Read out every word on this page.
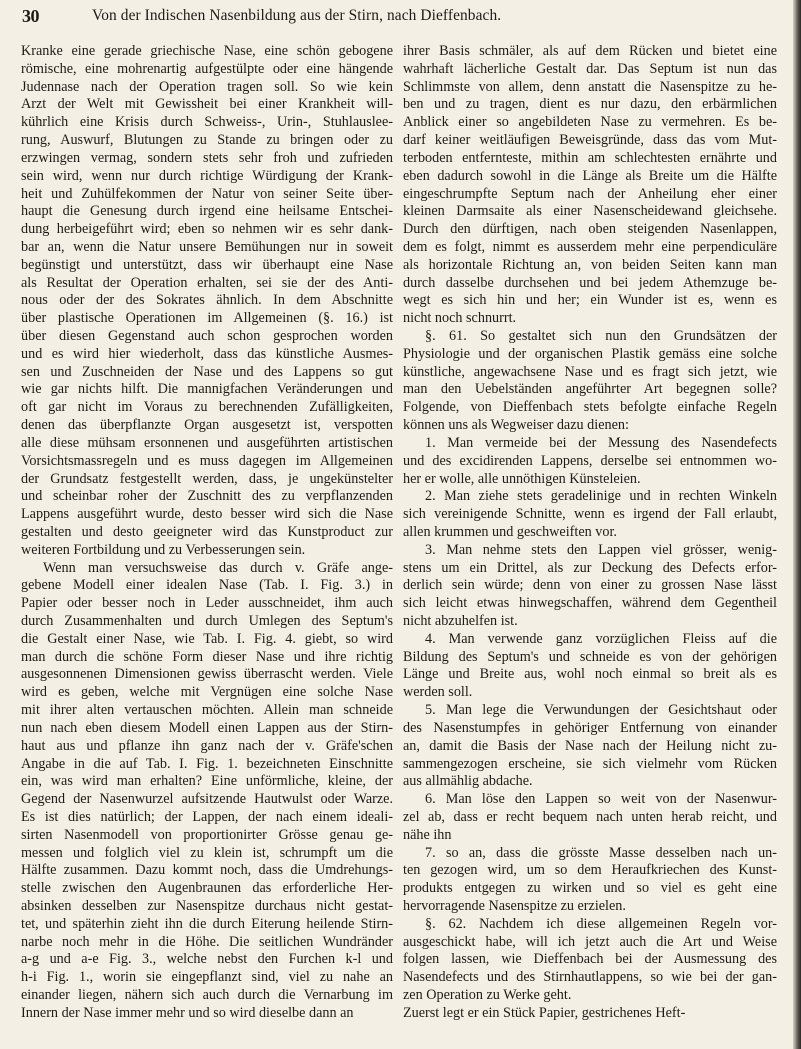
30	Von der Indischen Nasenbildung aus der Stirn, nach Dieffenbach.
Kranke eine gerade griechische Nase, eine schön gebogene
römische, eine mohrenartig aufgestülpte oder eine hängende
Judennase nach der Operation tragen soll. So wie kein
Arzt der Welt mit Gewissheit bei einer Krankheit will-
kührlich eine Krisis durch Schweiss-, Urin-, Stuhlauslee-
rung, Auswurf, Blutungen zu Stande zu bringen oder zu
erzwingen vermag, sondern stets sehr froh und zufrieden
sein wird, wenn nur durch richtige Würdigung der Krank-
heit und Zuhülfekommen der Natur von seiner Seite über-
haupt die Genesung durch irgend eine heilsame Entschei-
dung herbeigeführt wird; eben so nehmen wir es sehr dank-
bar an, wenn die Natur unsere Bemühungen nur in soweit
begünstigt und unterstützt, dass wir überhaupt eine Nase
als Resultat der Operation erhalten, sei sie der des Anti-
nous oder der des Sokrates ähnlich. In dem Abschnitte
über plastische Operationen im Allgemeinen (§. 16.) ist
über diesen Gegenstand auch schon gesprochen worden
und es wird hier wiederholt, dass das künstliche Ausmes-
sen und Zuschneiden der Nase und des Lappens so gut
wie gar nichts hilft. Die mannigfachen Veränderungen und
oft gar nicht im Voraus zu berechnenden Zufälligkeiten,
denen das überpflanzte Organ ausgesetzt ist, verspotten
alle diese mühsam ersonnenen und ausgeführten artistischen
Vorsichtsmassregeln und es muss dagegen im Allgemeinen
der Grundsatz festgestellt werden, dass, je ungekünstelter
und scheinbar roher der Zuschnitt des zu verpflanzenden
Lappens ausgeführt wurde, desto besser wird sich die Nase
gestalten und desto geeigneter wird das Kunstproduct zur
weiteren Fortbildung und zu Verbesserungen sein.
Wenn man versuchsweise das durch v. Gräfe ange-
gebene Modell einer idealen Nase (Tab. I. Fig. 3.) in
Papier oder besser noch in Leder ausschneidet, ihm auch
durch Zusammenhalten und durch Umlegen des Septum's
die Gestalt einer Nase, wie Tab. I. Fig. 4. giebt, so wird
man durch die schöne Form dieser Nase und ihre richtig
ausgesonnenen Dimensionen gewiss überrascht werden. Viele
wird es geben, welche mit Vergnügen eine solche Nase
mit ihrer alten vertauschen möchten. Allein man schneide
nun nach eben diesem Modell einen Lappen aus der Stirn-
haut aus und pflanze ihn ganz nach der v. Gräfe'schen
Angabe in die auf Tab. I. Fig. 1. bezeichneten Einschnitte
ein, was wird man erhalten? Eine unförmliche, kleine, der
Gegend der Nasenwurzel aufsitzende Hautwulst oder Warze.
Es ist dies natürlich; der Lappen, der nach einem ideali-
sirten Nasenmodell von proportionirter Grösse genau ge-
messen und folglich viel zu klein ist, schrumpft um die
Hälfte zusammen. Dazu kommt noch, dass die Umdrehungs-
stelle zwischen den Augenbraunen das erforderliche Her-
absinken desselben zur Nasenspitze durchaus nicht gestat-
tet, und späterhin zieht ihn die durch Eiterung heilende Stirn-
narbe noch mehr in die Höhe. Die seitlichen Wundränder
a-g und a-e Fig. 3., welche nebst den Furchen k-l und
h-i Fig. 1., worin sie eingepflanzt sind, viel zu nahe an
einander liegen, nähern sich auch durch die Vernarbung im
Innern der Nase immer mehr und so wird dieselbe dann an
ihrer Basis schmäler, als auf dem Rücken und bietet eine
wahrhaft lächerliche Gestalt dar. Das Septum ist nun das
Schlimmste von allem, denn anstatt die Nasenspitze zu he-
ben und zu tragen, dient es nur dazu, den erbärmlichen
Anblick einer so angebildeten Nase zu vermehren. Es be-
darf keiner weitläufigen Beweisgründe, dass das vom Mut-
terboden entfernteste, mithin am schlechtesten ernährte und
eben dadurch sowohl in die Länge als Breite um die Hälfte
eingeschrumpfte Septum nach der Anheilung eher einer
kleinen Darmsaite als einer Nasenscheidewand gleichsehe.
Durch den dürftigen, nach oben steigenden Nasenlappen,
dem es folgt, nimmt es ausserdem mehr eine perpendiculäre
als horizontale Richtung an, von beiden Seiten kann man
durch dasselbe durchsehen und bei jedem Athemzuge be-
wegt es sich hin und her; ein Wunder ist es, wenn es
nicht noch schnurrt.
§. 61. So gestaltet sich nun den Grundsätzen der
Physiologie und der organischen Plastik gemäss eine solche
künstliche, angewachsene Nase und es fragt sich jetzt, wie
man den Uebelständen angeführter Art begegnen solle?
Folgende, von Dieffenbach stets befolgte einfache Regeln
können uns als Wegweiser dazu dienen:
1. Man vermeide bei der Messung des Nasendefects
und des excidirenden Lappens, derselbe sei entnommen wo-
her er wolle, alle unnöthigen Künsteleien.
2. Man ziehe stets geradelinige und in rechten Winkeln
sich vereinigende Schnitte, wenn es irgend der Fall erlaubt,
allen krummen und geschweiften vor.
3. Man nehme stets den Lappen viel grösser, wenig-
stens um ein Drittel, als zur Deckung des Defects erfor-
derlich sein würde; denn von einer zu grossen Nase lässt
sich leicht etwas hinwegschaffen, während dem Gegentheil
nicht abzuhelfen ist.
4. Man verwende ganz vorzüglichen Fleiss auf die
Bildung des Septum's und schneide es von der gehörigen
Länge und Breite aus, wohl noch einmal so breit als es
werden soll.
5. Man lege die Verwundungen der Gesichtshaut oder
des Nasenstumpfes in gehöriger Entfernung von einander
an, damit die Basis der Nase nach der Heilung nicht zu-
sammengezogen erscheine, sie sich vielmehr vom Rücken
aus allmählig abdache.
6. Man löse den Lappen so weit von der Nasenwur-
zel ab, dass er recht bequem nach unten herab reicht, und
nähe ihn
7. so an, dass die grösste Masse desselben nach un-
ten gezogen wird, um so dem Heraufkriechen des Kunst-
produkts entgegen zu wirken und so viel es geht eine
hervorragende Nasenspitze zu erzielen.
§. 62. Nachdem ich diese allgemeinen Regeln vor-
ausgeschickt habe, will ich jetzt auch die Art und Weise
folgen lassen, wie Dieffenbach bei der Ausmessung des
Nasendefects und des Stirnhautlappens, so wie bei der gan-
zen Operation zu Werke geht.
Zuerst legt er ein Stück Papier, gestrichenes Heft-
